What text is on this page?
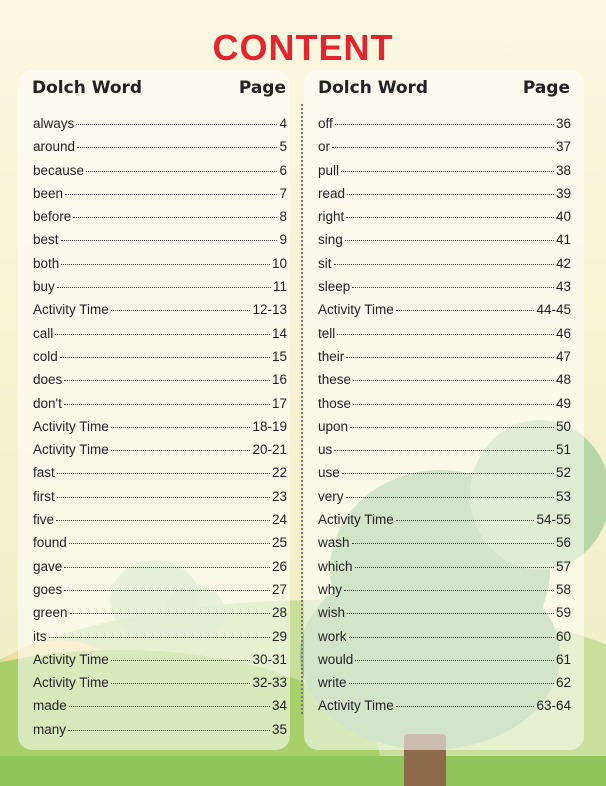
CONTENT
Dolch Word	Page Dolch Word	Page
always	4
around	5
because	6
been	7
before	8
best	9
both	10
buy	11
Activity Time	12-13
call	14
cold	15
does	16
don't	17
Activity Time	18-19
Activity Time	20-21
fast	22
first	23
five	24
found	25
gave	26
goes	27
green	28
its	29
Activity Time	30-31
Activity Time	32-33
made	34
many	35
off	36
or	37
pull	38
read	39
right	40
sing	41
sit	42
sleep	43
Activity Time	44-45
tell	46
their	47
these	48
those	49
upon	50
us	51
use	52
very	53
Activity Time	54-55
wash	56
which	57
why	58
wish	59
work	60
would	61
write	62
Activity Time	63-64
